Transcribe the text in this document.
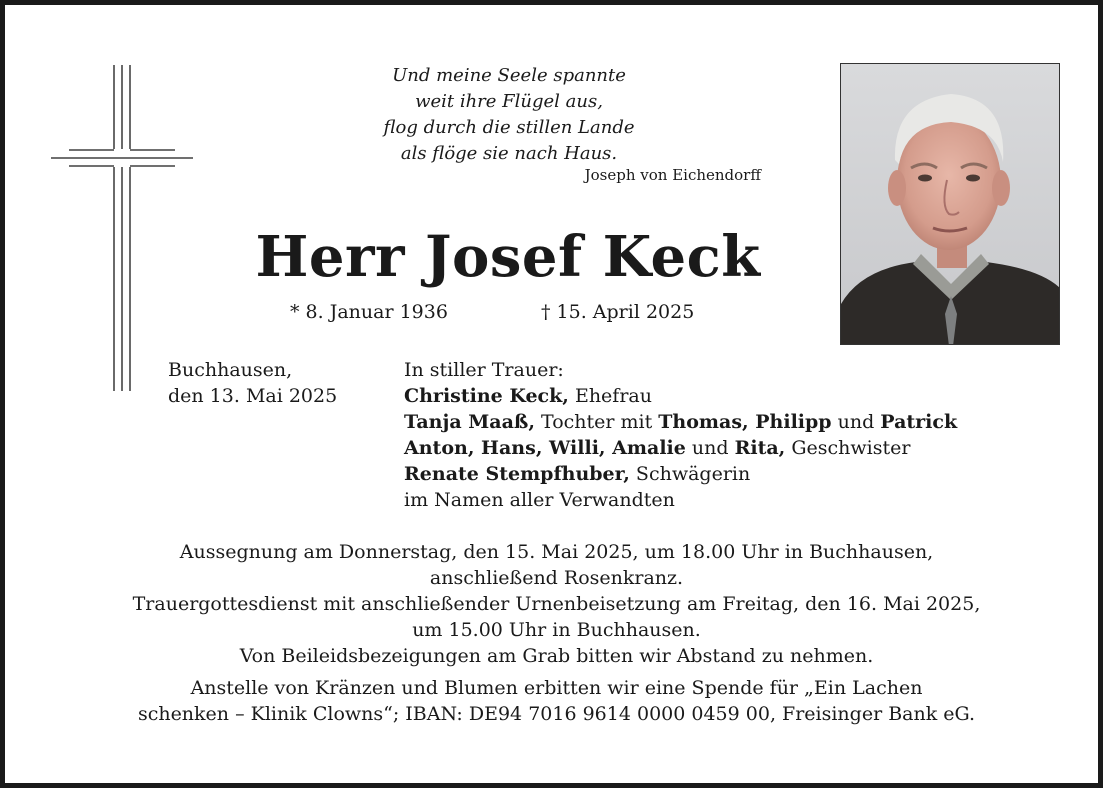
Und meine Seele spannte
weit ihre Flügel aus,
flog durch die stillen Lande
als flöge sie nach Haus.
Joseph von Eichendorff
Herr Josef Keck
* 8. Januar 1936	† 15. April 2025
Buchhausen,
den 13. Mai 2025
In stiller Trauer:
Christine Keck, Ehefrau
Tanja Maaß, Tochter mit Thomas, Philipp und Patrick
Anton, Hans, Willi, Amalie und Rita, Geschwister
Renate Stempfhuber, Schwägerin
im Namen aller Verwandten

Aussegnung am Donnerstag, den 15. Mai 2025, um 18.00 Uhr in Buchhausen,

anschließend Rosenkranz.

Trauergottesdienst mit anschließender Urnenbeisetzung am Freitag, den 16. Mai 2025,

um 15.00 Uhr in Buchhausen.

Von Beileidsbezeigungen am Grab bitten wir Abstand zu nehmen.

Anstelle von Kränzen und Blumen erbitten wir eine Spende für „Ein Lachen

schenken – Klinik Clowns“; IBAN: DE94 7016 9614 0000 0459 00, Freisinger Bank eG.
